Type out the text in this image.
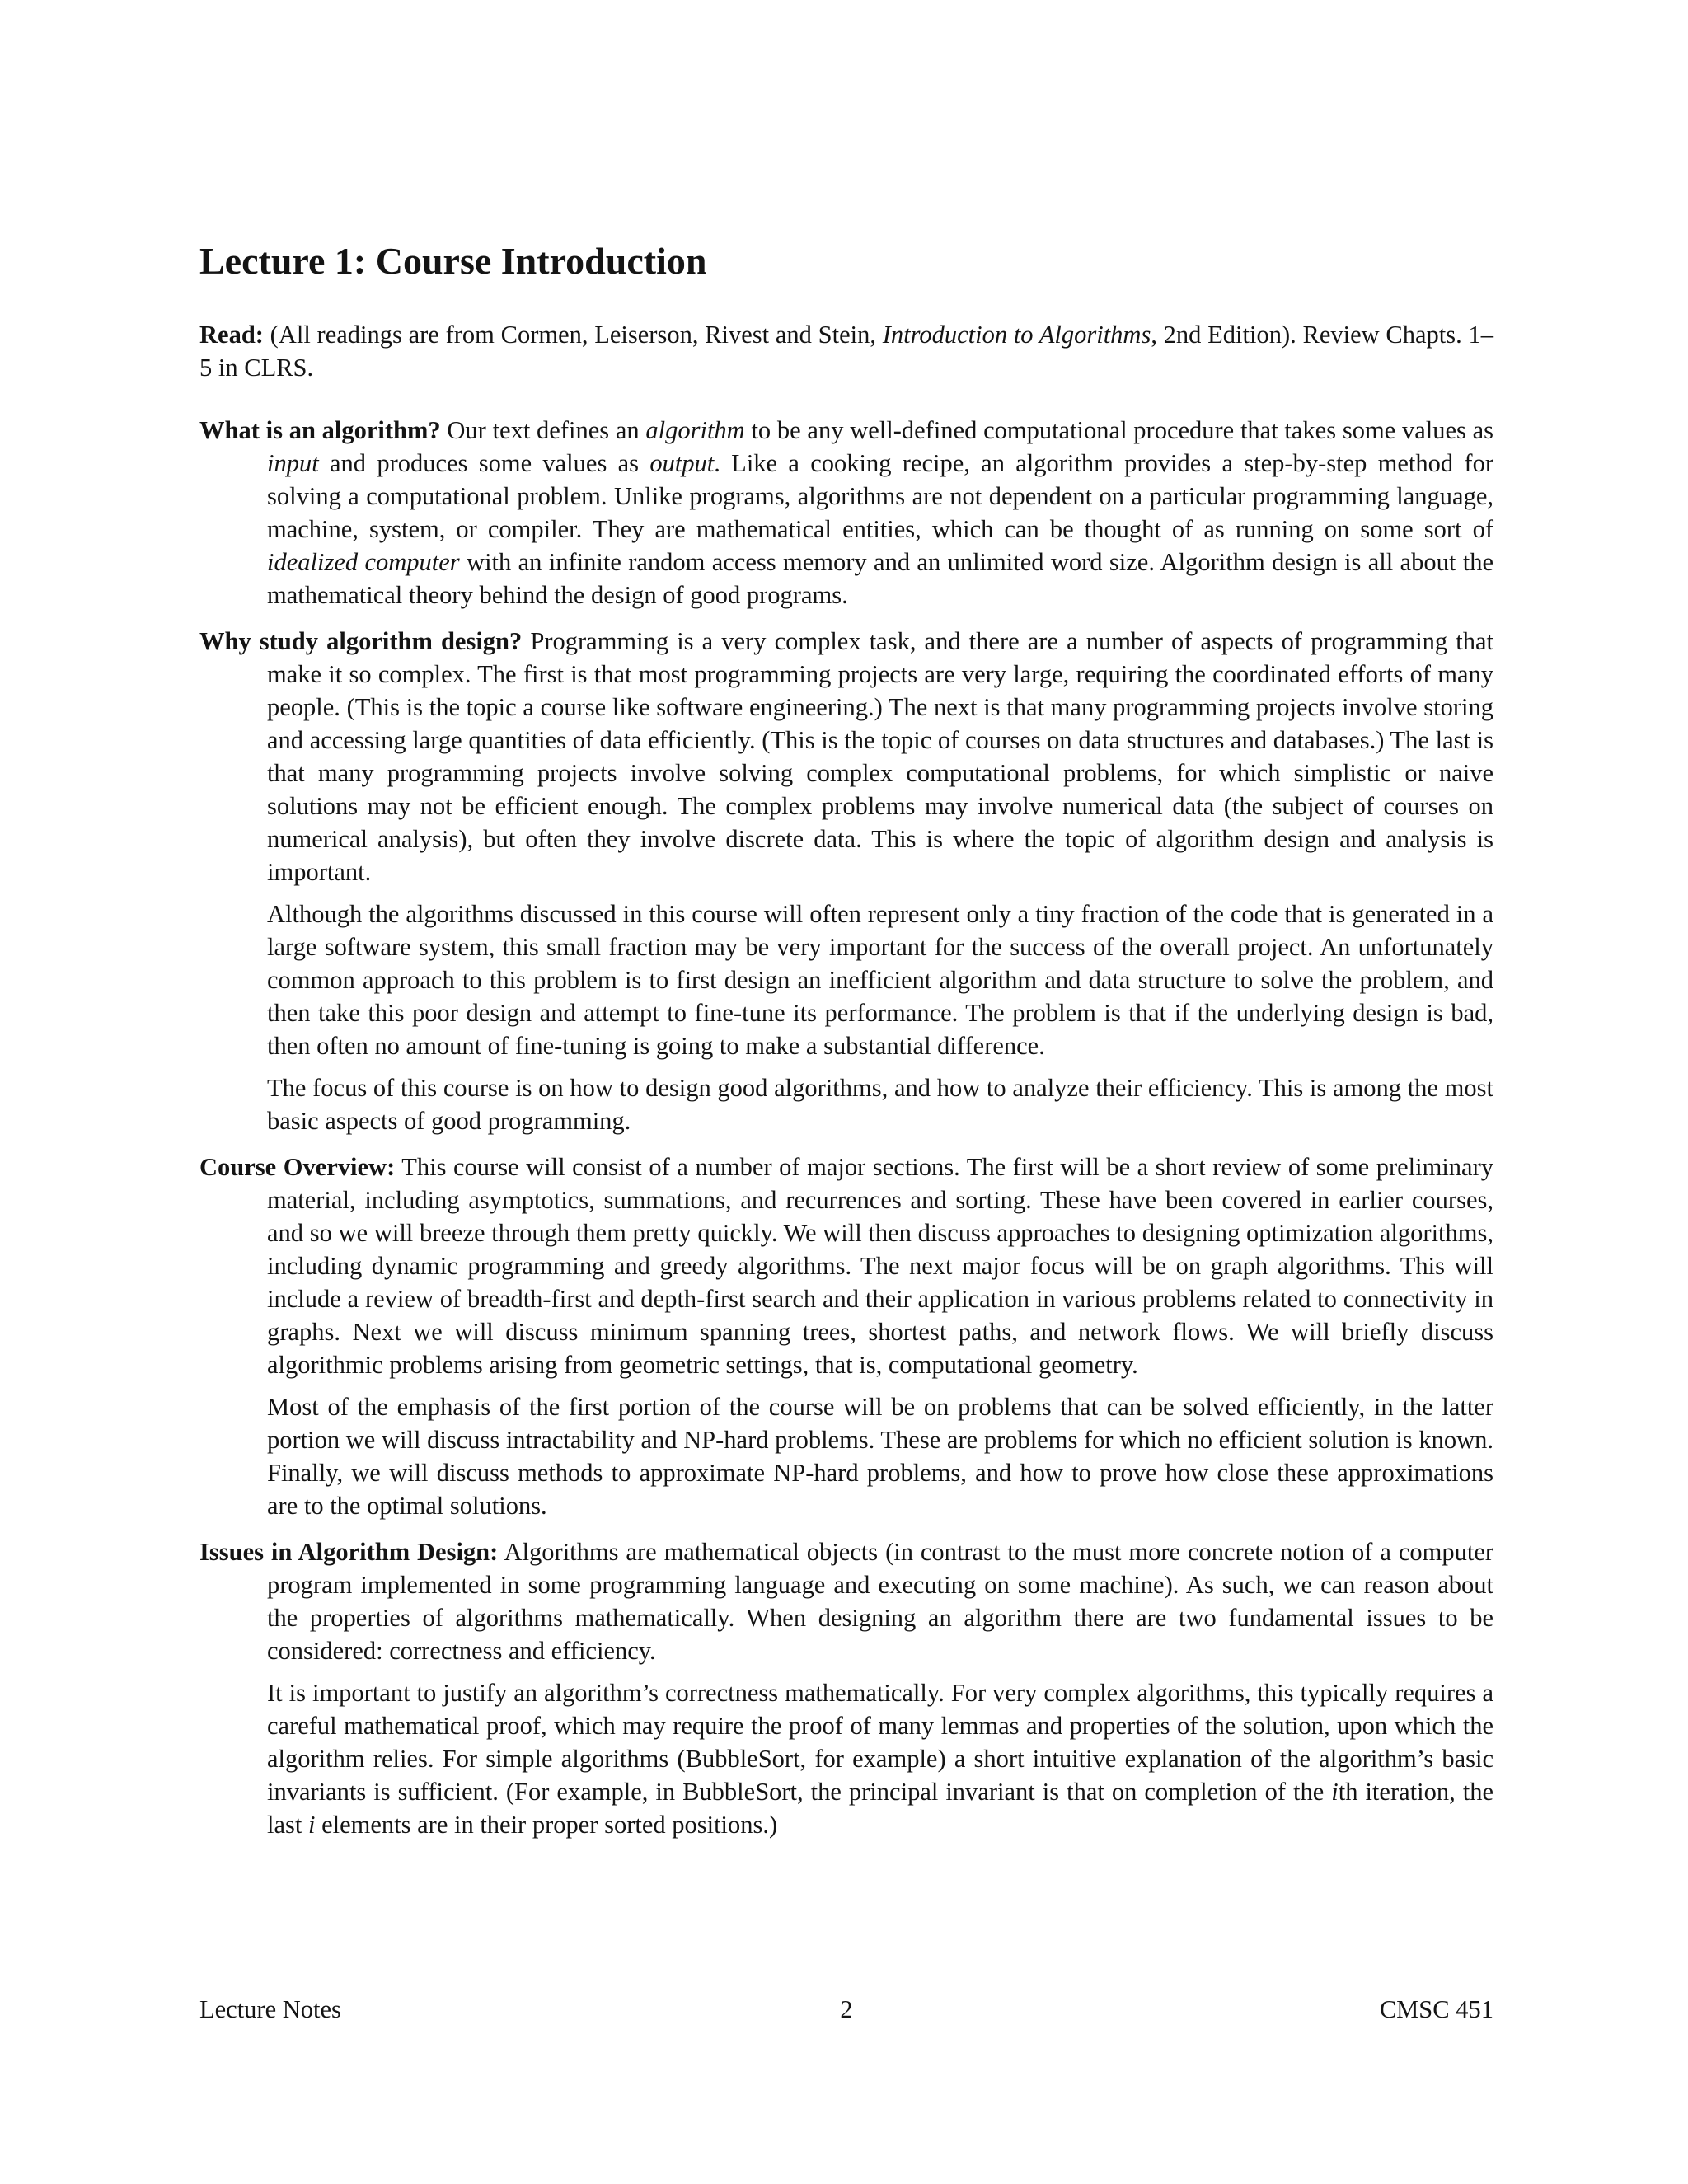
Lecture 1: Course Introduction

Read: (All readings are from Cormen, Leiserson, Rivest and Stein, Introduction to Algorithms, 2nd Edition). Review Chapts. 1–5 in CLRS.

What is an algorithm? Our text defines an algorithm to be any well-defined computational procedure that takes some values as input and produces some values as output. Like a cooking recipe, an algorithm provides a step-by-step method for solving a computational problem. Unlike programs, algorithms are not dependent on a particular programming language, machine, system, or compiler. They are mathematical entities, which can be thought of as running on some sort of idealized computer with an infinite random access memory and an unlimited word size. Algorithm design is all about the mathematical theory behind the design of good programs.

Why study algorithm design? Programming is a very complex task, and there are a number of aspects of programming that make it so complex. The first is that most programming projects are very large, requiring the coordinated efforts of many people. (This is the topic a course like software engineering.) The next is that many programming projects involve storing and accessing large quantities of data efficiently. (This is the topic of courses on data structures and databases.) The last is that many programming projects involve solving complex computational problems, for which simplistic or naive solutions may not be efficient enough. The complex problems may involve numerical data (the subject of courses on numerical analysis), but often they involve discrete data. This is where the topic of algorithm design and analysis is important.

Although the algorithms discussed in this course will often represent only a tiny fraction of the code that is generated in a large software system, this small fraction may be very important for the success of the overall project. An unfortunately common approach to this problem is to first design an inefficient algorithm and data structure to solve the problem, and then take this poor design and attempt to fine-tune its performance. The problem is that if the underlying design is bad, then often no amount of fine-tuning is going to make a substantial difference.

The focus of this course is on how to design good algorithms, and how to analyze their efficiency. This is among the most basic aspects of good programming.

Course Overview: This course will consist of a number of major sections. The first will be a short review of some preliminary material, including asymptotics, summations, and recurrences and sorting. These have been covered in earlier courses, and so we will breeze through them pretty quickly. We will then discuss approaches to designing optimization algorithms, including dynamic programming and greedy algorithms. The next major focus will be on graph algorithms. This will include a review of breadth-first and depth-first search and their application in various problems related to connectivity in graphs. Next we will discuss minimum spanning trees, shortest paths, and network flows. We will briefly discuss algorithmic problems arising from geometric settings, that is, computational geometry.

Most of the emphasis of the first portion of the course will be on problems that can be solved efficiently, in the latter portion we will discuss intractability and NP-hard problems. These are problems for which no efficient solution is known. Finally, we will discuss methods to approximate NP-hard problems, and how to prove how close these approximations are to the optimal solutions.

Issues in Algorithm Design: Algorithms are mathematical objects (in contrast to the must more concrete notion of a computer program implemented in some programming language and executing on some machine). As such, we can reason about the properties of algorithms mathematically. When designing an algorithm there are two fundamental issues to be considered: correctness and efficiency.

It is important to justify an algorithm’s correctness mathematically. For very complex algorithms, this typically requires a careful mathematical proof, which may require the proof of many lemmas and properties of the solution, upon which the algorithm relies. For simple algorithms (BubbleSort, for example) a short intuitive explanation of the algorithm’s basic invariants is sufficient. (For example, in BubbleSort, the principal invariant is that on completion of the ith iteration, the last i elements are in their proper sorted positions.)

Lecture Notes	2	CMSC 451
